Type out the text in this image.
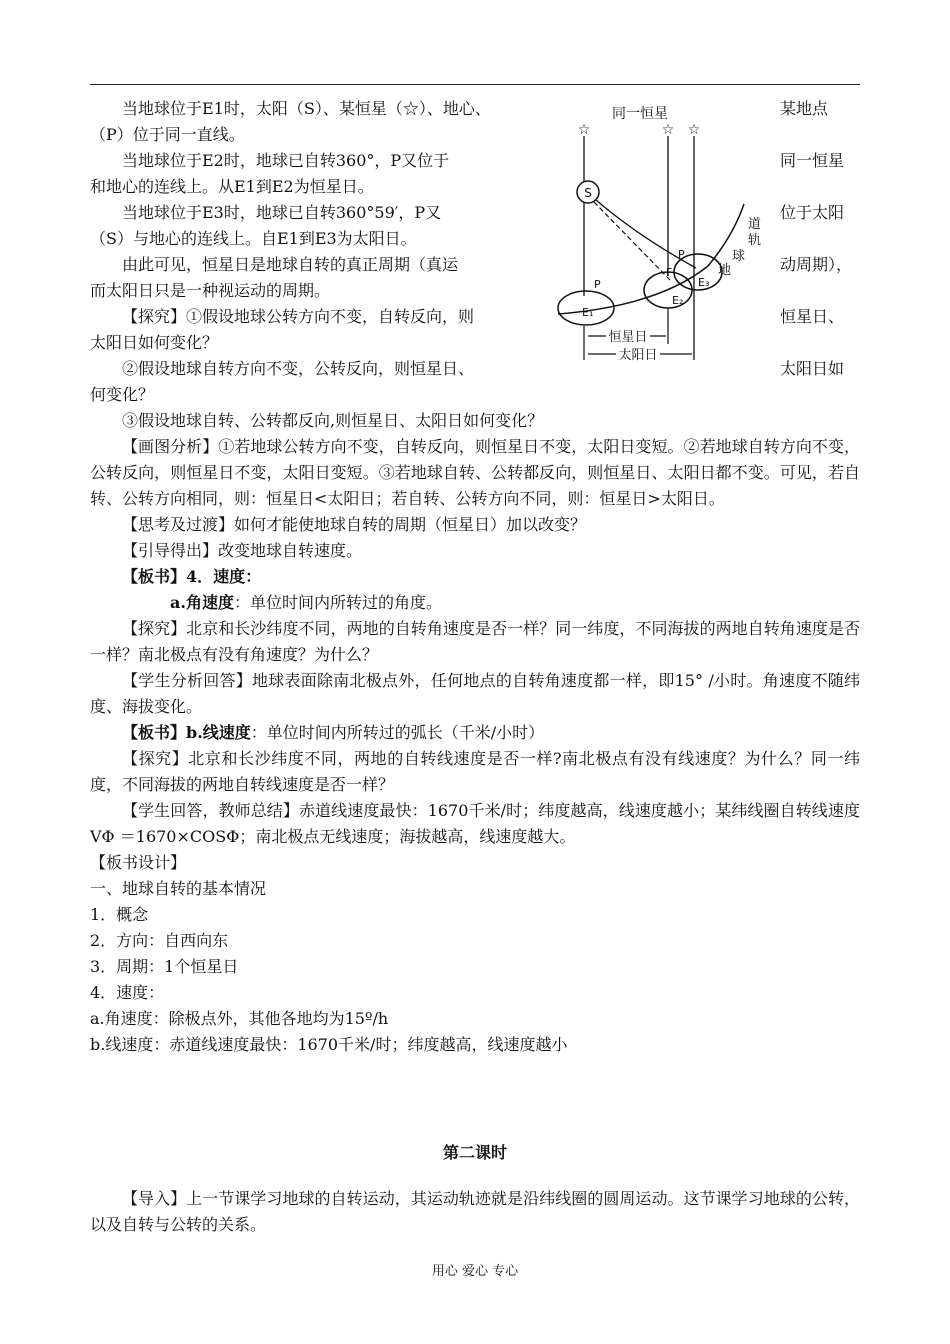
当地球位于E1时，太阳（S）、某恒星（☆）、地心、	某地点
（P）位于同一直线。
当地球位于E2时，地球已自转360°，P又位于	同一恒星
和地心的连线上。从E1到E2为恒星日。
当地球位于E3时，地球已自转360°59′，P又	位于太阳
（S）与地心的连线上。自E1到E3为太阳日。
由此可见，恒星日是地球自转的真正周期（真运	动周期），
而太阳日只是一种视运动的周期。
【探究】①假设地球公转方向不变，自转反向，则	恒星日、
太阳日如何变化？
②假设地球自转方向不变，公转反向，则恒星日、	太阳日如
何变化？
③假设地球自转、公转都反向,则恒星日、太阳日如何变化？
【画图分析】①若地球公转方向不变，自转反向，则恒星日不变，太阳日变短。②若地球自转方向不变，公转反向，则恒星日不变，太阳日变短。③若地球自转、公转都反向，则恒星日、太阳日都不变。可见，若自转、公转方向相同，则：恒星日<太阳日；若自转、公转方向不同，则：恒星日>太阳日。
【思考及过渡】如何才能使地球自转的周期（恒星日）加以改变？
【引导得出】改变地球自转速度。
【板书】4．速度：
a.角速度：单位时间内所转过的角度。
【探究】北京和长沙纬度不同，两地的自转角速度是否一样？同一纬度，不同海拔的两地自转角速度是否一样？南北极点有没有角速度？为什么？
【学生分析回答】地球表面除南北极点外，任何地点的自转角速度都一样，即15° /小时。角速度不随纬度、海拔变化。
【板书】b.线速度：单位时间内所转过的弧长（千米/小时）
【探究】北京和长沙纬度不同，两地的自转线速度是否一样?南北极点有没有线速度？为什么？同一纬度，不同海拔的两地自转线速度是否一样？
【学生回答，教师总结】赤道线速度最快：1670千米/时；纬度越高，线速度越小；某纬线圈自转线速度VΦ ＝1670×COSΦ；南北极点无线速度；海拔越高，线速度越大。
【板书设计】
一、地球自转的基本情况
1．概念
2．方向：自西向东
3．周期：1个恒星日
4．速度：
a.角速度：除极点外，其他各地均为15º/h
b.线速度：赤道线速度最快：1670千米/时；纬度越高，线速度越小
同一恒星
☆	☆ ☆
S
道
轨
球
地
E₁
P
E₂
F
E₃
P
恒星日
太阳日
第二课时
【导入】上一节课学习地球的自转运动，其运动轨迹就是沿纬线圈的圆周运动。这节课学习地球的公转，以及自转与公转的关系。
用心 爱心 专心
